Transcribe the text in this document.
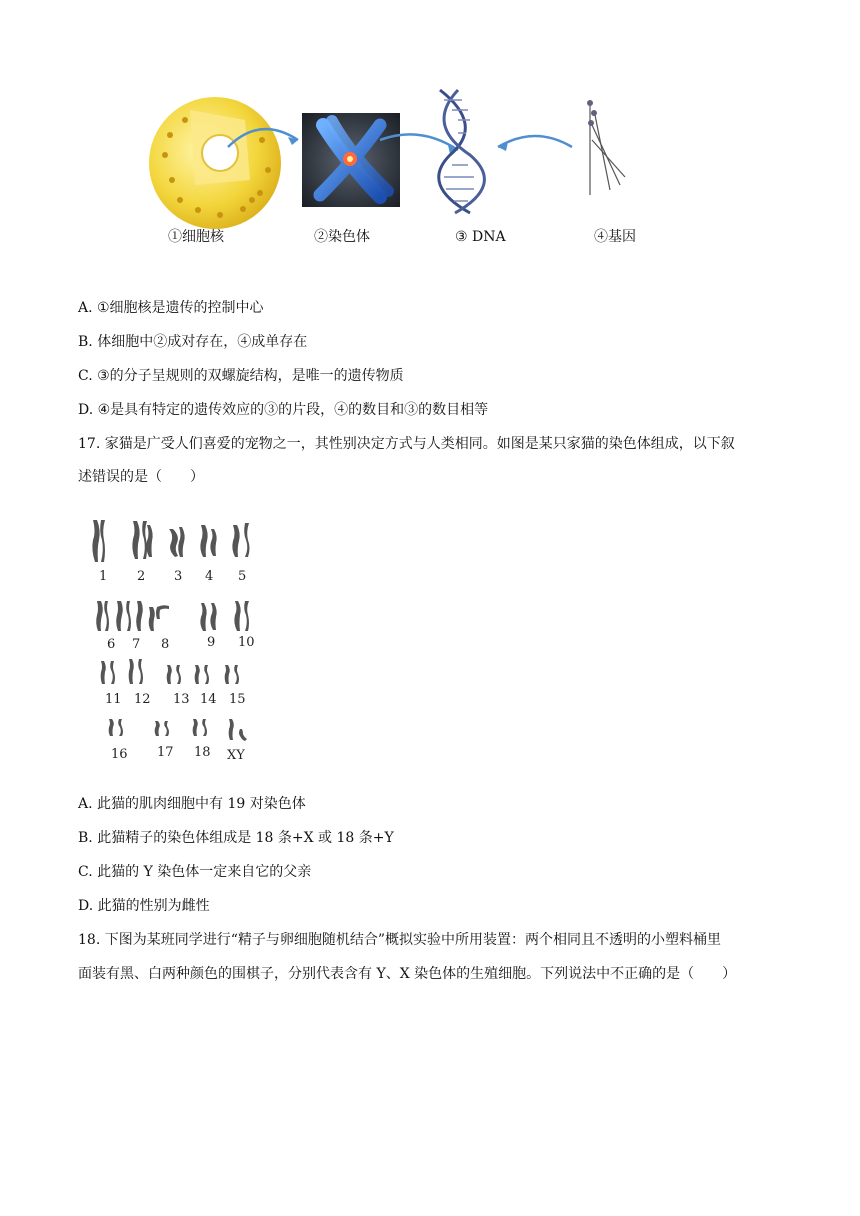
①细胞核	②染色体	③ DNA	④基因
A. ①细胞核是遗传的控制中心
B. 体细胞中②成对存在，④成单存在
C. ③的分子呈规则的双螺旋结构，是唯一的遗传物质
D. ④是具有特定的遗传效应的③的片段，④的数目和③的数目相等
17. 家猫是广受人们喜爱的宠物之一，其性别决定方式与人类相同。如图是某只家猫的染色体组成，以下叙
述错误的是（　　）
1 2 3 4 5
6 7 8	9 10
11 12 13 14 15
16 17 18 XY
A. 此猫的肌肉细胞中有 19 对染色体
B. 此猫精子的染色体组成是 18 条+X 或 18 条+Y
C. 此猫的 Y 染色体一定来自它的父亲
D. 此猫的性别为雌性
18. 下图为某班同学进行“精子与卵细胞随机结合”概拟实验中所用装置：两个相同且不透明的小塑料桶里
面装有黑、白两种颜色的围棋子，分别代表含有 Y、X 染色体的生殖细胞。下列说法中不正确的是（　　）
